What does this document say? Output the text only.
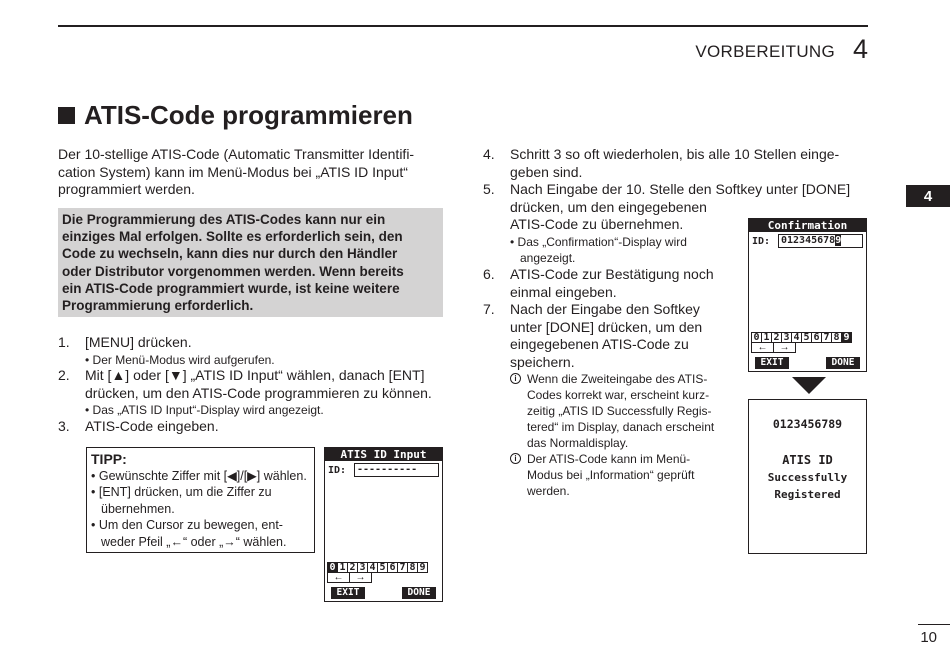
VORBEREITUNG 4
4
ATIS-Code programmieren
Der 10-stellige ATIS-Code (Automatic Transmitter Identifi-
cation System) kann im Menü-Modus bei „ATIS ID Input“
programmiert werden.
Die Programmierung des ATIS-Codes kann nur ein
einziges Mal erfolgen. Sollte es erforderlich sein, den
Code zu wechseln, kann dies nur durch den Händler
oder Distributor vorgenommen werden. Wenn bereits
ein ATIS-Code programmiert wurde, ist keine weitere
Programmierung erforderlich.
1. [MENU] drücken.
• Der Menü-Modus wird aufgerufen.
2. Mit [▲] oder [▼] „ATIS ID Input“ wählen, danach [ENT]
drücken, um den ATIS-Code programmieren zu können.
• Das „ATIS ID Input“-Display wird angezeigt.
3. ATIS-Code eingeben.
TIPP:
• Gewünschte Ziffer mit [◀]/[▶] wählen.
• [ENT] drücken, um die Ziffer zu
übernehmen.
• Um den Cursor zu bewegen, ent-
weder Pfeil „←“ oder „→“ wählen.
ATIS ID Input
ID:	----------
0 1 2 3 4 5 6 7 8 9
←	→
EXIT	DONE
4. Schritt 3 so oft wiederholen, bis alle 10 Stellen einge-
geben sind.
5. Nach Eingabe der 10. Stelle den Softkey unter [DONE]
drücken, um den eingegebenen
ATIS-Code zu übernehmen.
• Das „Confirmation“-Display wird
angezeigt.
6. ATIS-Code zur Bestätigung noch
einmal eingeben.
7. Nach der Eingabe den Softkey
unter [DONE] drücken, um den
eingegebenen ATIS-Code zu
speichern.
i Wenn die Zweiteingabe des ATIS-
Codes korrekt war, erscheint kurz-
zeitig „ATIS ID Successfully Regis-
tered“ im Display, danach erscheint
das Normaldisplay.
i Der ATIS-Code kann im Menü-
Modus bei „Information“ geprüft
werden.
Confirmation
ID:	0123456789
0 1 2 3 4 5 6 7 8 9
←	→
EXIT	DONE
0123456789
ATIS ID
Successfully
Registered
10
